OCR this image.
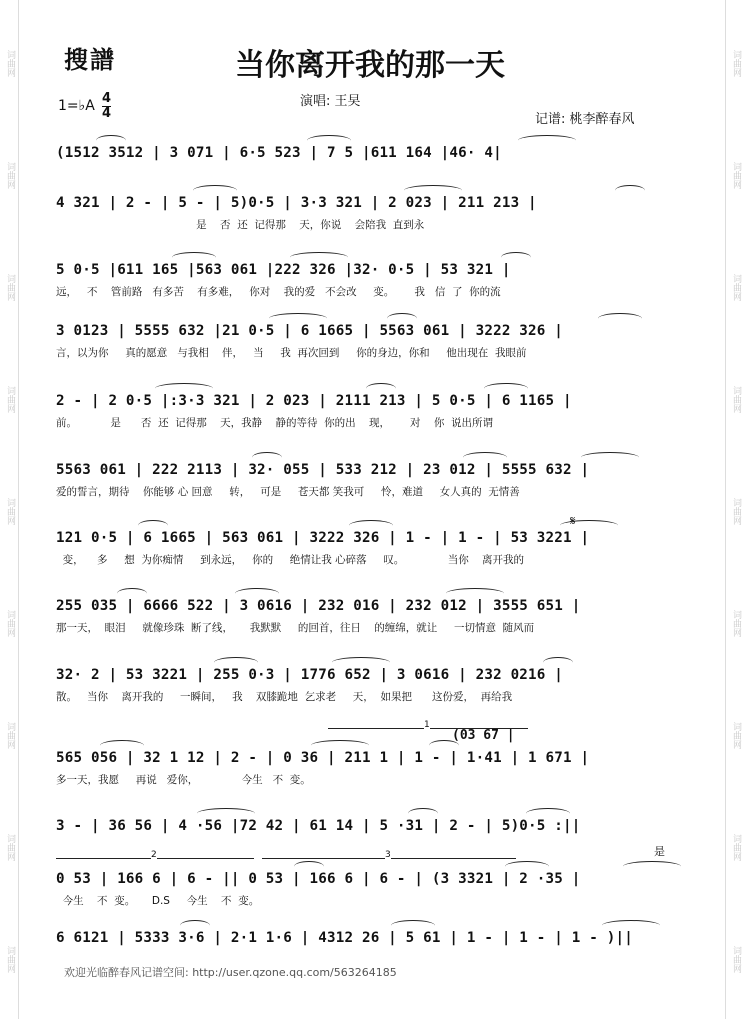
词曲网
词曲网
词曲网
词曲网
词曲网
词曲网
词曲网
词曲网
词曲网
词曲网
词曲网
词曲网
词曲网
词曲网
词曲网
词曲网
词曲网
词曲网
搜譜	当你离开我的那一天
1=♭A 4
4
演唱: 王旲
记谱: 桃李醉春风
(1512 3512 | 3 071 | 6·5 523 | 7 5 |611 164 |46· 4|
4 321 | 2 - | 5 - | 5)0·5 | 3·3 321 | 2 023 | 211 213 |
是    否  还  记得那    天，你说    会陪我  直到永
5 0·5 |611 165 |563 061 |222 326 |32· 0·5 | 53 321 |
远，   不    管前路   有多苦    有多难，   你对    我的爱   不会改     变。      我   信  了  你的流
3 0123 | 5555 632 |21 0·5 | 6 1665 | 5563 061 | 3222 326 |
言，以为你     真的愿意   与我相    伴，   当     我  再次回到     你的身边，你和     他出现在  我眼前
2 - | 2 0·5 |:3·3 321 | 2 023 | 2111 213 | 5 0·5 | 6 1165 |
前。          是      否  还  记得那    天，我静    静的等待  你的出    现，      对    你  说出所谓
5563 061 | 222 2113 | 32· 055 | 533 212 | 23 012 | 5555 632 |
爱的誓言，期待    你能够 心 回意     转，   可是     苍天都 笑我可     怜，难道     女人真的  无情善
121 0·5 | 6 1665 | 563 061 | 3222 326 | 1 - | 1 - | 53 3221 |
变，    多     想  为你痴情     到永远，   你的     绝情让我 心碎落     叹。             当你    离开我的
255 035 | 6666 522 | 3 0616 | 232 016 | 232 012 | 3555 651 |
那一天，  眼泪     就像珍珠  断了线，     我默默     的回首，往日    的缠绵，就让     一切情意  随风而
32· 2 | 53 3221 | 255 0·3 | 1776 652 | 3 0616 | 232 0216 |
散。   当你    离开我的     一瞬间，   我    双膝跪地  乞求老     天，  如果把      这份爱，  再给我
565 056 | 32 1 12 | 2 - | 0 36 | 211 1 | 1 - | 1·41 | 1 671 |
多一天，我愿     再说   爱你，             今生   不  变。
3 - | 36 56 | 4 ·56 |72 42 | 61 14 | 5 ·31 | 2 - | 5)0·5 :||
0 53 | 166 6 | 6 - || 0 53 | 166 6 | 6 - | (3 3321 | 2 ·35 |
今生    不  变。     D.S     今生    不  变。
6 6121 | 5333 3·6 | 2·1 1·6 | 4312 26 | 5 61 | 1 - | 1 - | 1 - )||
1
2	3
(03 67 |
是
𝄋
欢迎光临醉春风记谱空间: http://user.qzone.qq.com/563264185
